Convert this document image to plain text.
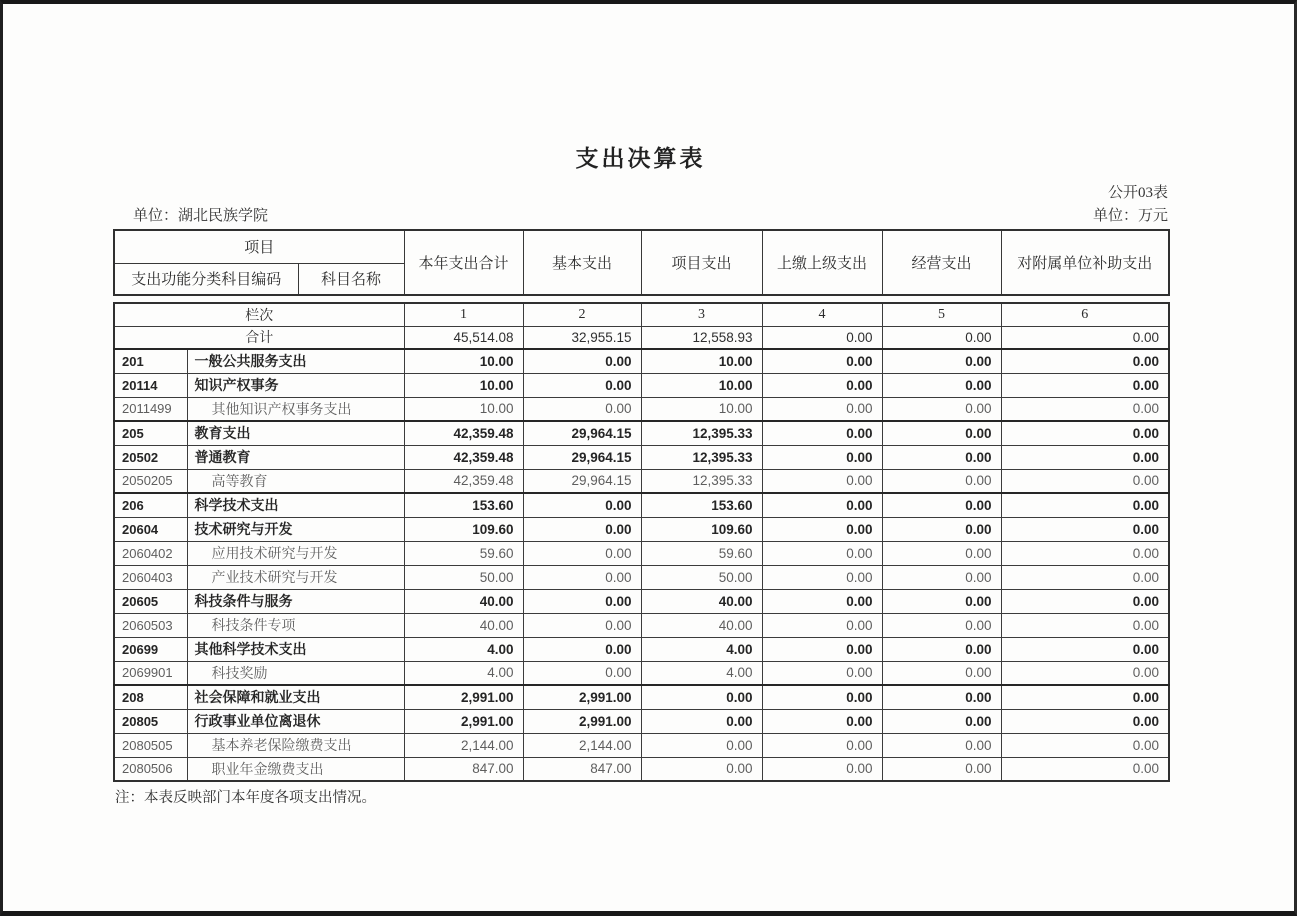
支出决算表
公开03表
单位：湖北民族学院	单位：万元
项目		本年支出合计	基本支出	项目支出	上缴上级支出	经营支出	对附属单位补助支出
支出功能分类科目编码	科目名称						
栏次		1	2	3	4	5	6
合计		45,514.08	32,955.15	12,558.93	0.00	0.00	0.00
201	一般公共服务支出	10.00	0.00	10.00	0.00	0.00	0.00
20114	知识产权事务	10.00	0.00	10.00	0.00	0.00	0.00
2011499	其他知识产权事务支出	10.00	0.00	10.00	0.00	0.00	0.00
205	教育支出	42,359.48	29,964.15	12,395.33	0.00	0.00	0.00
20502	普通教育	42,359.48	29,964.15	12,395.33	0.00	0.00	0.00
2050205	高等教育	42,359.48	29,964.15	12,395.33	0.00	0.00	0.00
206	科学技术支出	153.60	0.00	153.60	0.00	0.00	0.00
20604	技术研究与开发	109.60	0.00	109.60	0.00	0.00	0.00
2060402	应用技术研究与开发	59.60	0.00	59.60	0.00	0.00	0.00
2060403	产业技术研究与开发	50.00	0.00	50.00	0.00	0.00	0.00
20605	科技条件与服务	40.00	0.00	40.00	0.00	0.00	0.00
2060503	科技条件专项	40.00	0.00	40.00	0.00	0.00	0.00
20699	其他科学技术支出	4.00	0.00	4.00	0.00	0.00	0.00
2069901	科技奖励	4.00	0.00	4.00	0.00	0.00	0.00
208	社会保障和就业支出	2,991.00	2,991.00	0.00	0.00	0.00	0.00
20805	行政事业单位离退休	2,991.00	2,991.00	0.00	0.00	0.00	0.00
2080505	基本养老保险缴费支出	2,144.00	2,144.00	0.00	0.00	0.00	0.00
2080506	职业年金缴费支出	847.00	847.00	0.00	0.00	0.00	0.00
注：本表反映部门本年度各项支出情况。
